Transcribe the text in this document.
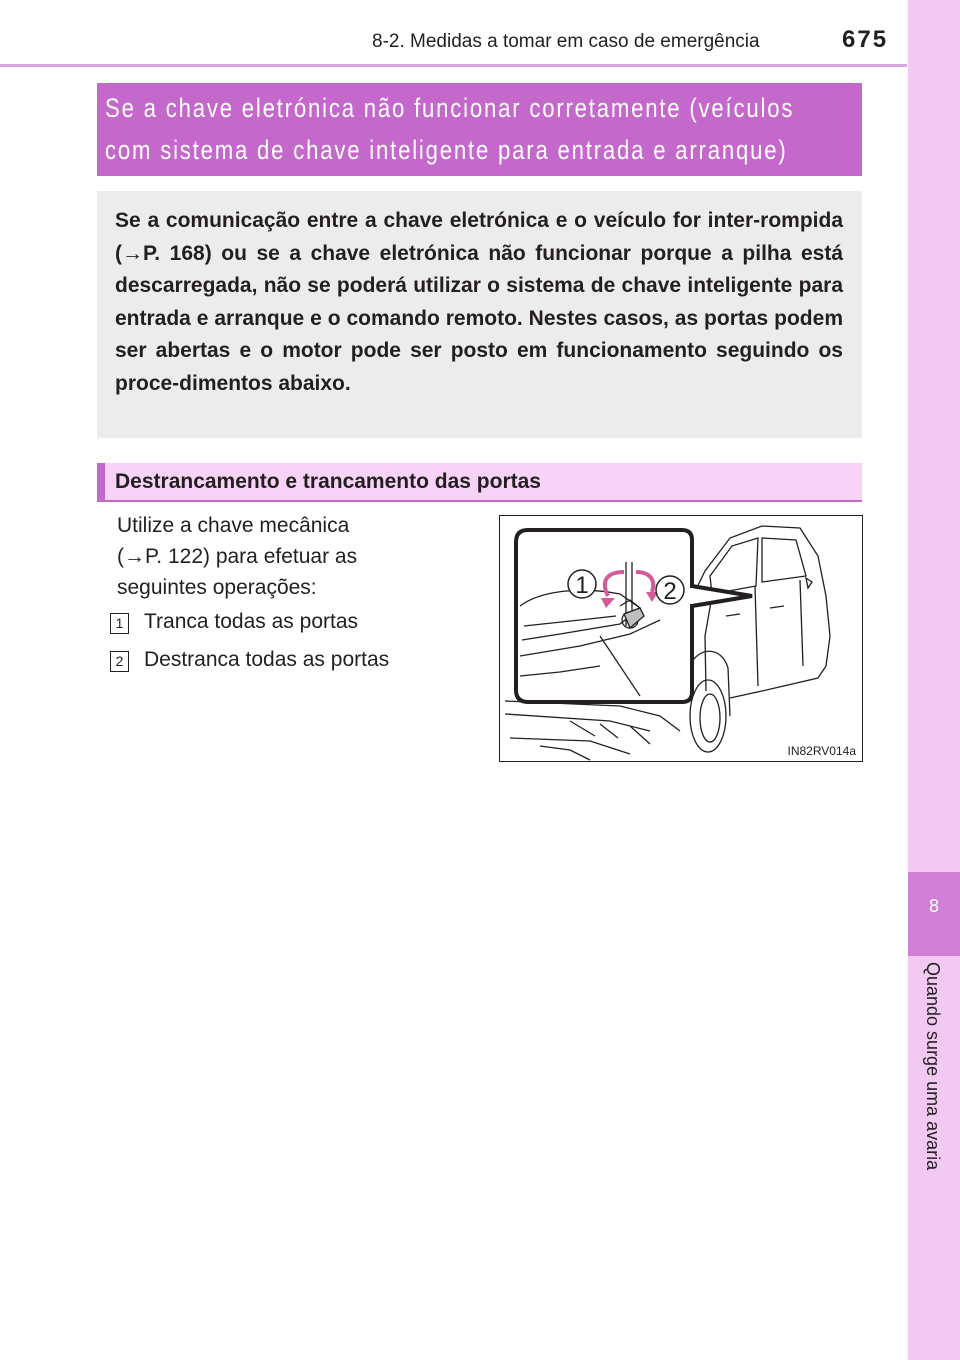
8-2. Medidas a tomar em caso de emergência	675
8
Quando surge uma avaria
Se a chave eletrónica não funcionar corretamente (veículos
com sistema de chave inteligente para entrada e arranque)
Se a comunicação entre a chave eletrónica e o veículo for inter-rompida (→P. 168) ou se a chave eletrónica não funcionar porque a pilha está descarregada, não se poderá utilizar o sistema de chave inteligente para entrada e arranque e o comando remoto. Nestes casos, as portas podem ser abertas e o motor pode ser posto em funcionamento seguindo os proce-dimentos abaixo.
Destrancamento e trancamento das portas
Utilize a chave mecânica
(→P. 122) para efetuar as
seguintes operações:
1 Tranca todas as portas
2 Destranca todas as portas
1	2
IN82RV014a
